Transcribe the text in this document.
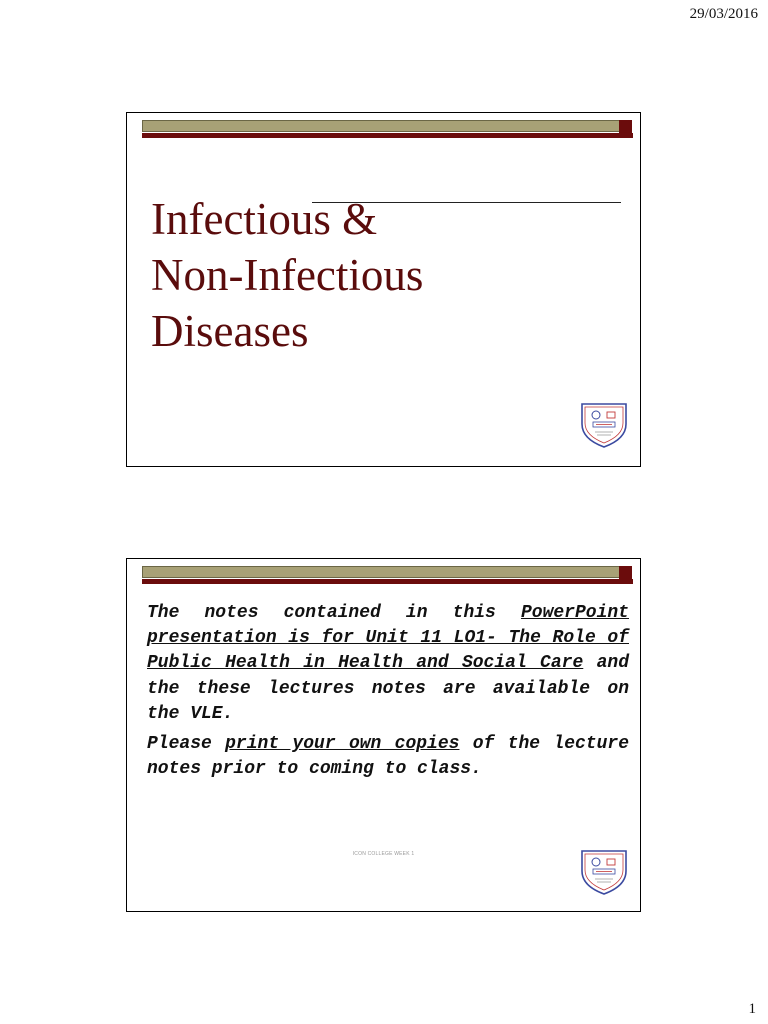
29/03/2016
Infectious &
Non-Infectious
Diseases

The notes contained in this PowerPoint presentation is for Unit 11 LO1- The Role of Public Health in Health and Social Care and the these lectures notes are available on the VLE.

Please print your own copies of the lecture notes prior to coming to class.

ICON COLLEGE WEEK 1
1
